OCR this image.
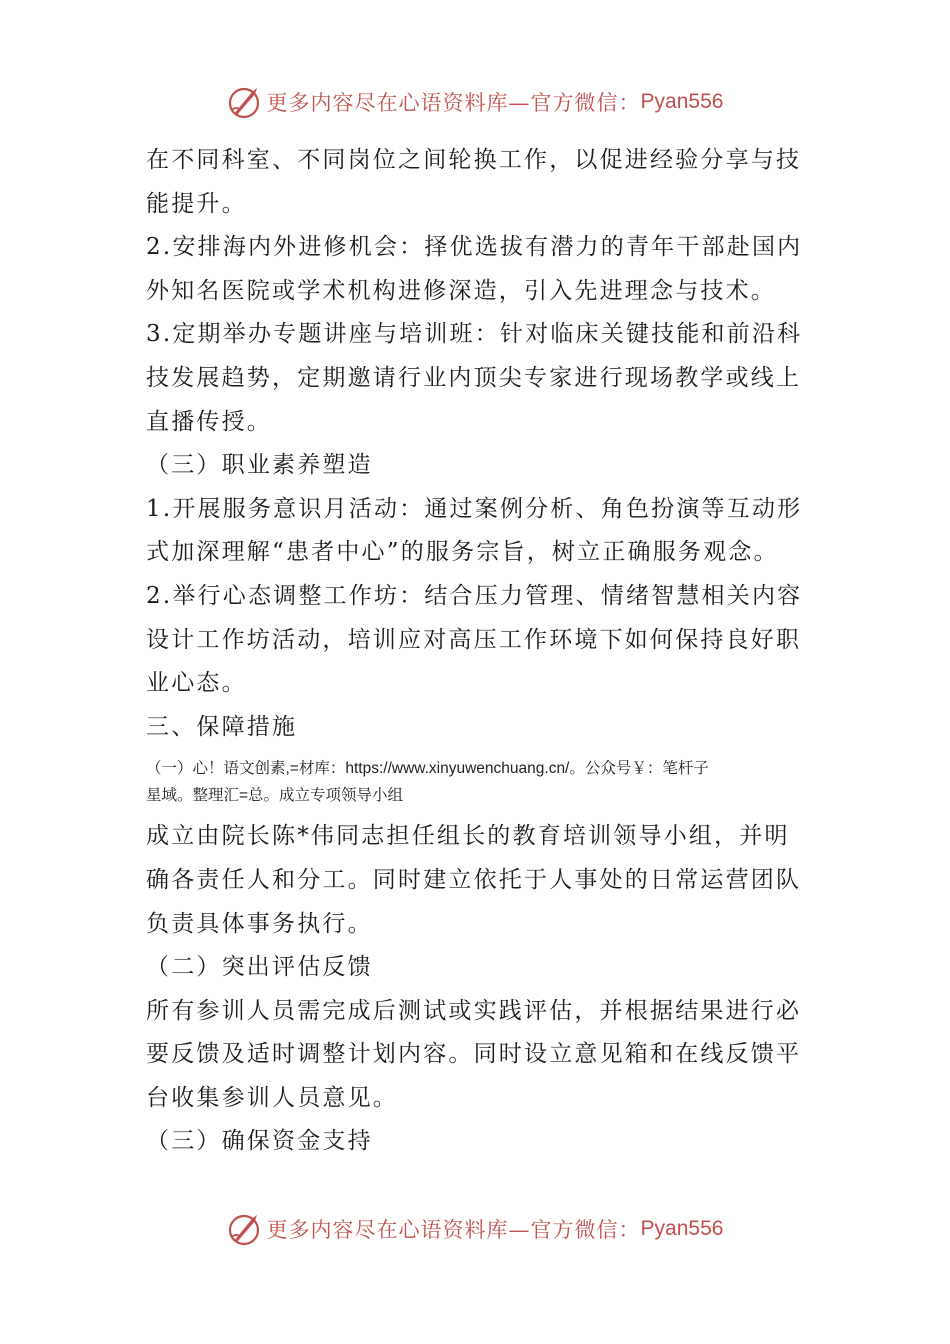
更多内容尽在心语资料库—官方微信： Pyan556
在不同科室、不同岗位之间轮换工作，以促进经验分享与技
能提升。
2.安排海内外进修机会：择优选拔有潜力的青年干部赴国内
外知名医院或学术机构进修深造，引入先进理念与技术。
3.定期举办专题讲座与培训班：针对临床关键技能和前沿科
技发展趋势，定期邀请行业内顶尖专家进行现场教学或线上
直播传授。
（三）职业素养塑造
1.开展服务意识月活动：通过案例分析、角色扮演等互动形
式加深理解“患者中心”的服务宗旨，树立正确服务观念。
2.举行心态调整工作坊：结合压力管理、情绪智慧相关内容
设计工作坊活动，培训应对高压工作环境下如何保持良好职
业心态。
三、保障措施
（一）心！语文创素,=材库：https://www.xinyuwenchuang.cn/。公众号￥：笔杆子
星域。整理汇=总。成立专项领导小组
成立由院长陈*伟同志担任组长的教育培训领导小组，并明
确各责任人和分工。同时建立依托于人事处的日常运营团队
负责具体事务执行。
（二）突出评估反馈
所有参训人员需完成后测试或实践评估，并根据结果进行必
要反馈及适时调整计划内容。同时设立意见箱和在线反馈平
台收集参训人员意见。
（三）确保资金支持
更多内容尽在心语资料库—官方微信： Pyan556
